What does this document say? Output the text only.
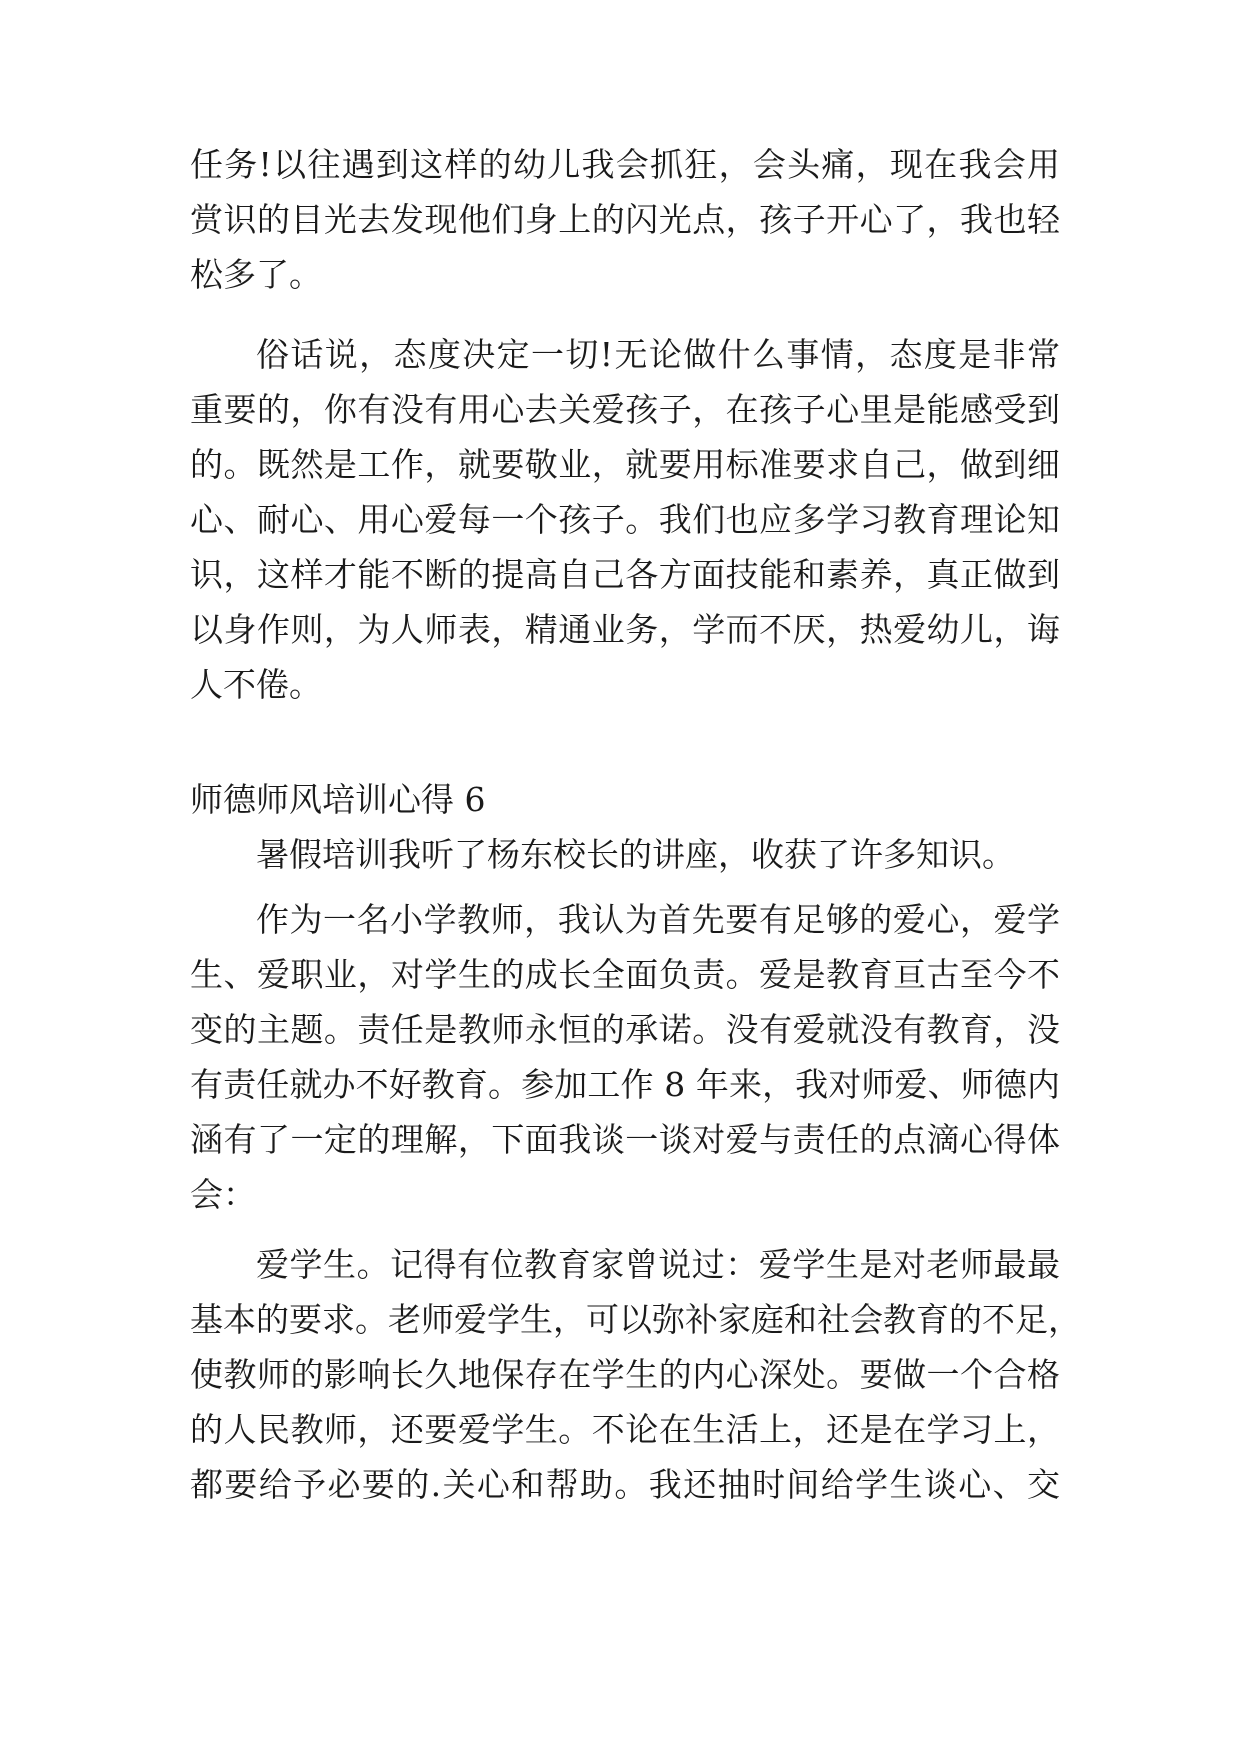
任务!以往遇到这样的幼儿我会抓狂，会头痛，现在我会用
赏识的目光去发现他们身上的闪光点，孩子开心了，我也轻
松多了。
俗话说，态度决定一切!无论做什么事情，态度是非常
重要的，你有没有用心去关爱孩子，在孩子心里是能感受到
的。既然是工作，就要敬业，就要用标准要求自己，做到细
心、耐心、用心爱每一个孩子。我们也应多学习教育理论知
识，这样才能不断的提高自己各方面技能和素养，真正做到
以身作则，为人师表，精通业务，学而不厌，热爱幼儿，诲
人不倦。
师德师风培训心得 6
暑假培训我听了杨东校长的讲座，收获了许多知识。
作为一名小学教师，我认为首先要有足够的爱心，爱学
生、爱职业，对学生的成长全面负责。爱是教育亘古至今不
变的主题。责任是教师永恒的承诺。没有爱就没有教育，没
有责任就办不好教育。参加工作 8 年来，我对师爱、师德内
涵有了一定的理解，下面我谈一谈对爱与责任的点滴心得体
会：
爱学生。记得有位教育家曾说过：爱学生是对老师最最
基本的要求。老师爱学生，可以弥补家庭和社会教育的不足，
使教师的影响长久地保存在学生的内心深处。要做一个合格
的人民教师，还要爱学生。不论在生活上，还是在学习上，
都要给予必要的.关心和帮助。我还抽时间给学生谈心、交
